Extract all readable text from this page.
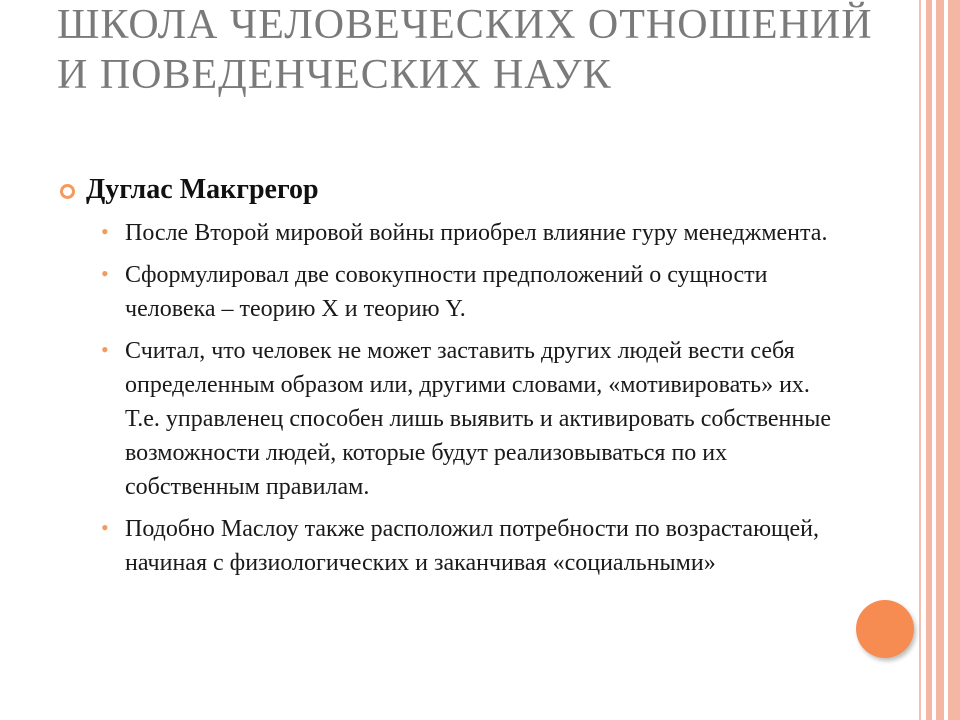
ШКОЛА ЧЕЛОВЕЧЕСКИХ ОТНОШЕНИЙ И ПОВЕДЕНЧЕСКИХ НАУК
Дуглас Макгрегор
• После Второй мировой войны приобрел влияние гуру менеджмента.
• Сформулировал две совокупности предположений о сущности человека – теорию X и теорию Y.
• Считал, что человек не может заставить других людей вести себя определенным образом или, другими словами, «мотивировать» их. Т.е. управленец способен лишь выявить и активировать собственные возможности людей, которые будут реализовываться по их собственным правилам.
• Подобно Маслоу также расположил потребности по возрастающей, начиная с физиологических и заканчивая «социальными»
